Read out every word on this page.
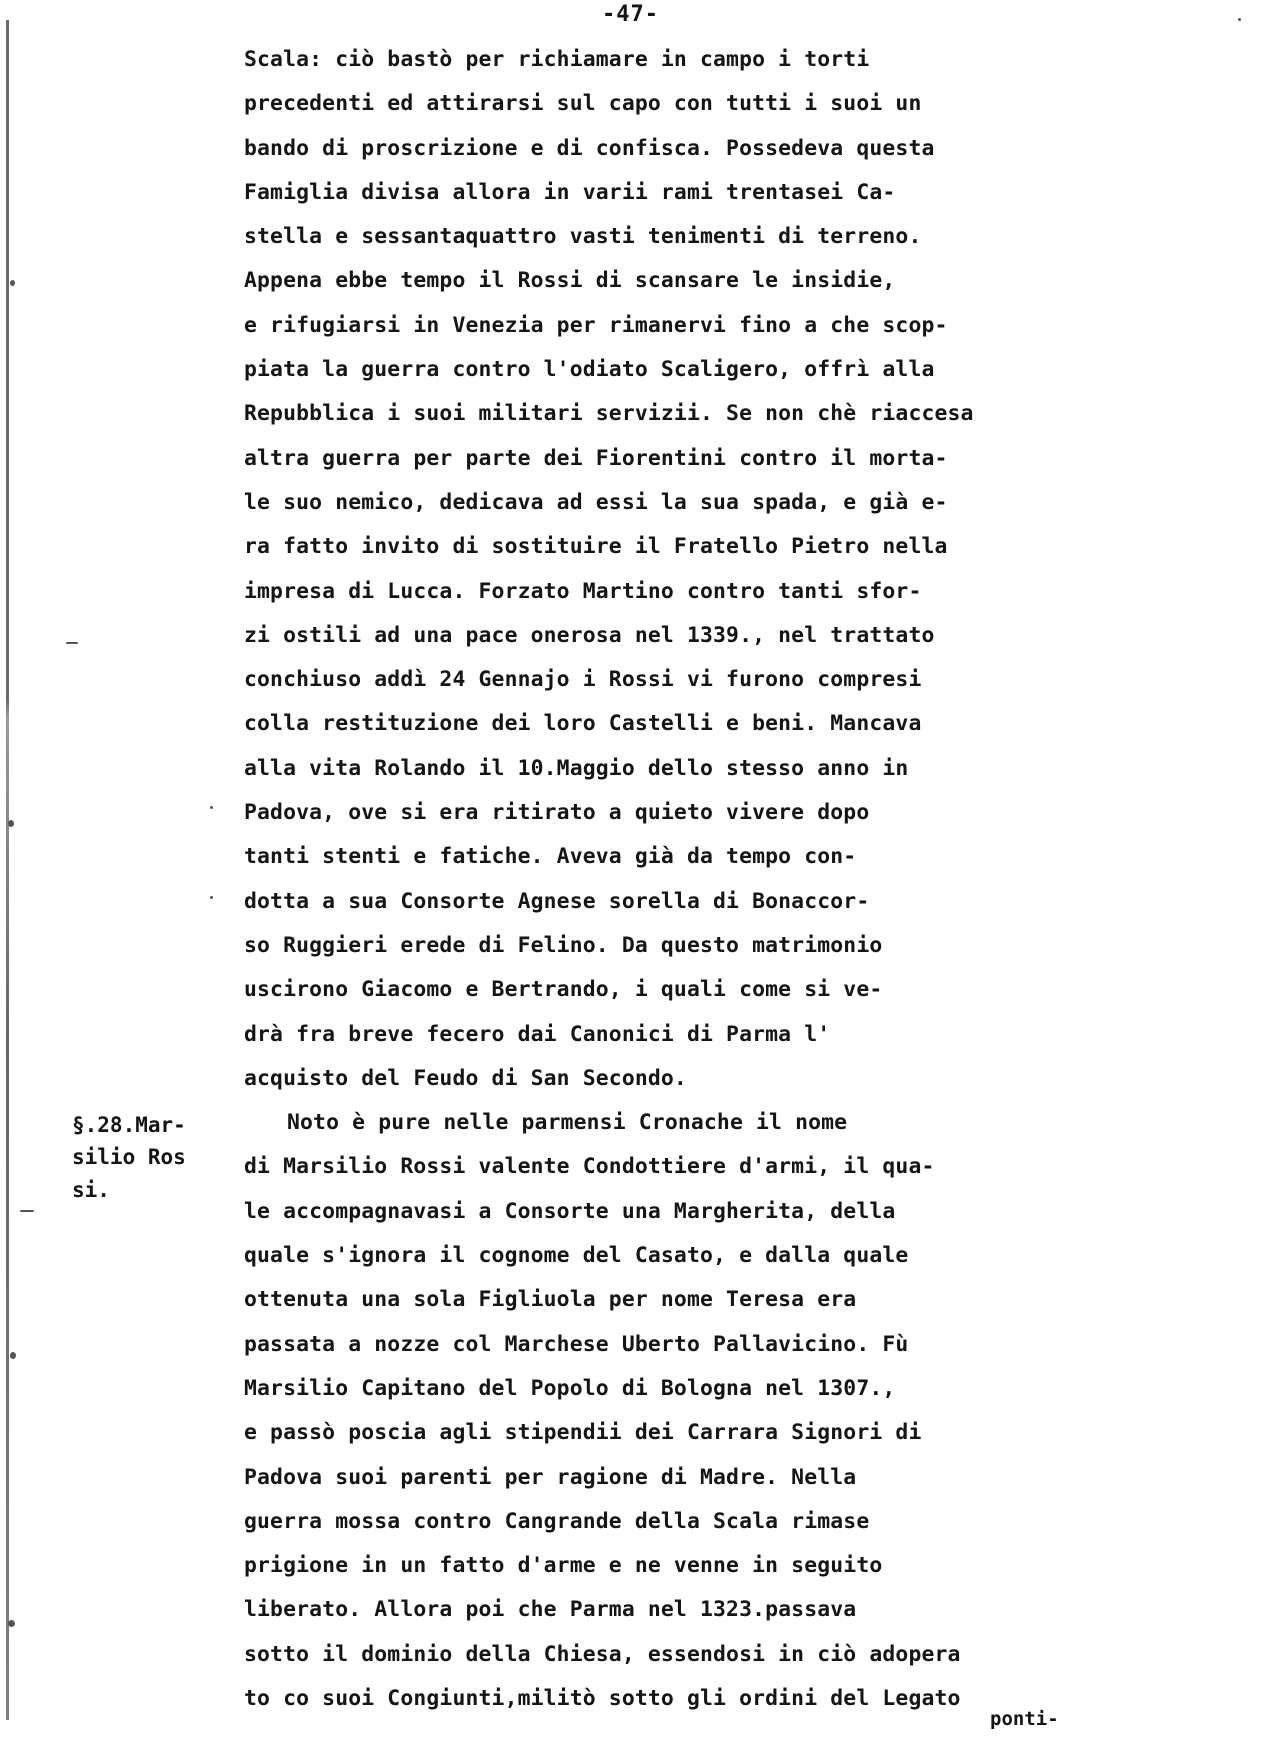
-47-
§.28.Mar-
silio Ros
si.
Scala: ciò bastò per richiamare in campo i torti
precedenti ed attirarsi sul capo con tutti i suoi un
bando di proscrizione e di confisca. Possedeva questa
Famiglia divisa allora in varii rami trentasei Ca-
stella e sessantaquattro vasti tenimenti di terreno.
Appena ebbe tempo il Rossi di scansare le insidie,
e rifugiarsi in Venezia per rimanervi fino a che scop-
piata la guerra contro l'odiato Scaligero, offrì alla
Repubblica i suoi militari servizii. Se non chè riaccesa
altra guerra per parte dei Fiorentini contro il morta-
le suo nemico, dedicava ad essi la sua spada, e già e-
ra fatto invito di sostituire il Fratello Pietro nella
impresa di Lucca. Forzato Martino contro tanti sfor-
zi ostili ad una pace onerosa nel 1339., nel trattato
conchiuso addì 24 Gennajo i Rossi vi furono compresi
colla restituzione dei loro Castelli e beni. Mancava
alla vita Rolando il 10.Maggio dello stesso anno in
Padova, ove si era ritirato a quieto vivere dopo
tanti stenti e fatiche. Aveva già da tempo con-
dotta a sua Consorte Agnese sorella di Bonaccor-
so Ruggieri erede di Felino. Da questo matrimonio
uscirono Giacomo e Bertrando, i quali come si ve-
drà fra breve fecero dai Canonici di Parma l'
acquisto del Feudo di San Secondo.
Noto è pure nelle parmensi Cronache il nome
di Marsilio Rossi valente Condottiere d'armi, il qua-
le accompagnavasi a Consorte una Margherita, della
quale s'ignora il cognome del Casato, e dalla quale
ottenuta una sola Figliuola per nome Teresa era
passata a nozze col Marchese Uberto Pallavicino. Fù
Marsilio Capitano del Popolo di Bologna nel 1307.,
e passò poscia agli stipendii dei Carrara Signori di
Padova suoi parenti per ragione di Madre. Nella
guerra mossa contro Cangrande della Scala rimase
prigione in un fatto d'arme e ne venne in seguito
liberato. Allora poi che Parma nel 1323.passava
sotto il dominio della Chiesa, essendosi in ciò adopera
to co suoi Congiunti,militò sotto gli ordini del Legato
ponti-
